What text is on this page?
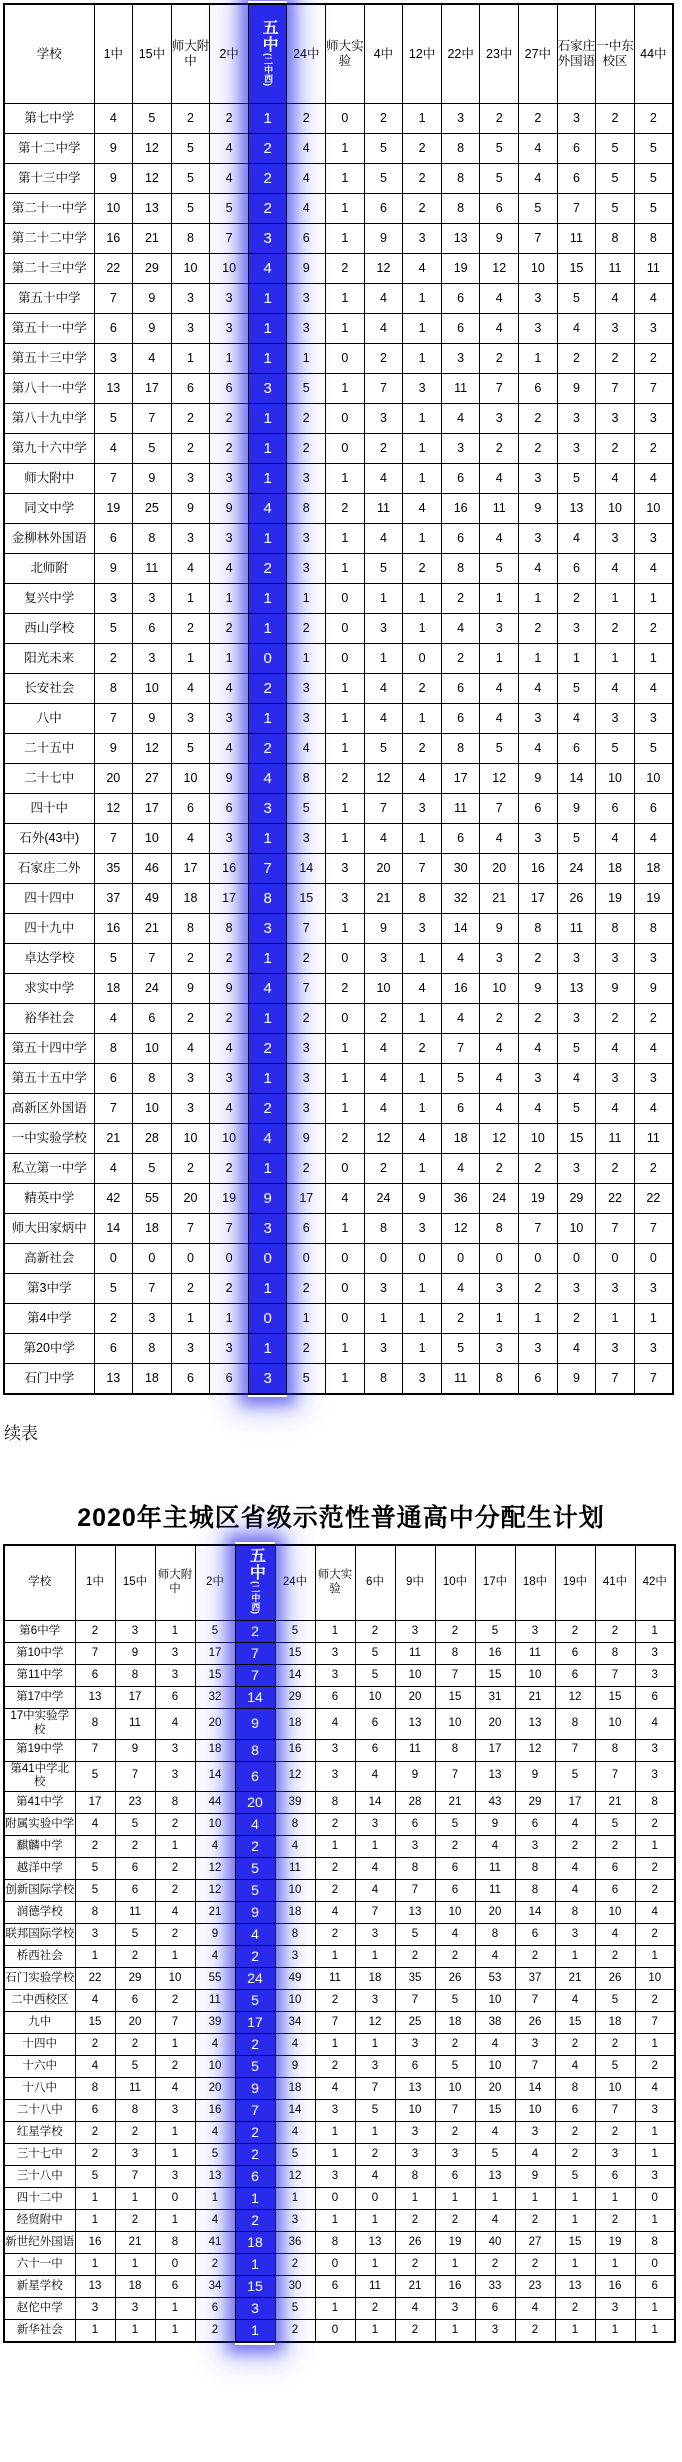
学校	1中	15中	师大附中	2中	五中(二中西)	24中	师大实验	4中	12中	22中	23中	27中	石家庄外国语	一中东校区	44中
第七中学	4	5	2	2	1	2	0	2	1	3	2	2	3	2	2
第十二中学	9	12	5	4	2	4	1	5	2	8	5	4	6	5	5
第十三中学	9	12	5	4	2	4	1	5	2	8	5	4	6	5	5
第二十一中学	10	13	5	5	2	4	1	6	2	8	6	5	7	5	5
第二十二中学	16	21	8	7	3	6	1	9	3	13	9	7	11	8	8
第二十三中学	22	29	10	10	4	9	2	12	4	19	12	10	15	11	11
第五十中学	7	9	3	3	1	3	1	4	1	6	4	3	5	4	4
第五十一中学	6	9	3	3	1	3	1	4	1	6	4	3	4	3	3
第五十三中学	3	4	1	1	1	1	0	2	1	3	2	1	2	2	2
第八十一中学	13	17	6	6	3	5	1	7	3	11	7	6	9	7	7
第八十九中学	5	7	2	2	1	2	0	3	1	4	3	2	3	3	3
第九十六中学	4	5	2	2	1	2	0	2	1	3	2	2	3	2	2
师大附中	7	9	3	3	1	3	1	4	1	6	4	3	5	4	4
同文中学	19	25	9	9	4	8	2	11	4	16	11	9	13	10	10
金柳林外国语	6	8	3	3	1	3	1	4	1	6	4	3	4	3	3
北师附	9	11	4	4	2	3	1	5	2	8	5	4	6	4	4
复兴中学	3	3	1	1	1	1	0	1	1	2	1	1	2	1	1
西山学校	5	6	2	2	1	2	0	3	1	4	3	2	3	2	2
阳光未来	2	3	1	1	0	1	0	1	0	2	1	1	1	1	1
长安社会	8	10	4	4	2	3	1	4	2	6	4	4	5	4	4
八中	7	9	3	3	1	3	1	4	1	6	4	3	4	3	3
二十五中	9	12	5	4	2	4	1	5	2	8	5	4	6	5	5
二十七中	20	27	10	9	4	8	2	12	4	17	12	9	14	10	10
四十中	12	17	6	6	3	5	1	7	3	11	7	6	9	6	6
石外(43中)	7	10	4	3	1	3	1	4	1	6	4	3	5	4	4
石家庄二外	35	46	17	16	7	14	3	20	7	30	20	16	24	18	18
四十四中	37	49	18	17	8	15	3	21	8	32	21	17	26	19	19
四十九中	16	21	8	8	3	7	1	9	3	14	9	8	11	8	8
卓达学校	5	7	2	2	1	2	0	3	1	4	3	2	3	3	3
求实中学	18	24	9	9	4	7	2	10	4	16	10	9	13	9	9
裕华社会	4	6	2	2	1	2	0	2	1	4	2	2	3	2	2
第五十四中学	8	10	4	4	2	3	1	4	2	7	4	4	5	4	4
第五十五中学	6	8	3	3	1	3	1	4	1	5	4	3	4	3	3
高新区外国语	7	10	3	4	2	3	1	4	1	6	4	4	5	4	4
一中实验学校	21	28	10	10	4	9	2	12	4	18	12	10	15	11	11
私立第一中学	4	5	2	2	1	2	0	2	1	4	2	2	3	2	2
精英中学	42	55	20	19	9	17	4	24	9	36	24	19	29	22	22
师大田家炳中	14	18	7	7	3	6	1	8	3	12	8	7	10	7	7
高新社会	0	0	0	0	0	0	0	0	0	0	0	0	0	0	0
第3中学	5	7	2	2	1	2	0	3	1	4	3	2	3	3	3
第4中学	2	3	1	1	0	1	0	1	1	2	1	1	2	1	1
第20中学	6	8	3	3	1	2	1	3	1	5	3	3	4	3	3
石门中学	13	18	6	6	3	5	1	8	3	11	8	6	9	7	7
续表
2020年主城区省级示范性普通高中分配生计划
学校	1中	15中	师大附中	2中	五中(二中西)	24中	师大实验	6中	9中	10中	17中	18中	19中	41中	42中
第6中学	2	3	1	5	2	5	1	2	3	2	5	3	2	2	1
第10中学	7	9	3	17	7	15	3	5	11	8	16	11	6	8	3
第11中学	6	8	3	15	7	14	3	5	10	7	15	10	6	7	3
第17中学	13	17	6	32	14	29	6	10	20	15	31	21	12	15	6
17中实验学校	8	11	4	20	9	18	4	6	13	10	20	13	8	10	4
第19中学	7	9	3	18	8	16	3	6	11	8	17	12	7	8	3
第41中学北校	5	7	3	14	6	12	3	4	9	7	13	9	5	7	3
第41中学	17	23	8	44	20	39	8	14	28	21	43	29	17	21	8
附属实验中学	4	5	2	10	4	8	2	3	6	5	9	6	4	5	2
麒麟中学	2	2	1	4	2	4	1	1	3	2	4	3	2	2	1
越洋中学	5	6	2	12	5	11	2	4	8	6	11	8	4	6	2
创新国际学校	5	6	2	12	5	10	2	4	7	6	11	8	4	6	2
润德学校	8	11	4	21	9	18	4	7	13	10	20	14	8	10	4
联邦国际学校	3	5	2	9	4	8	2	3	5	4	8	6	3	4	2
桥西社会	1	2	1	4	2	3	1	1	2	2	4	2	1	2	1
石门实验学校	22	29	10	55	24	49	11	18	35	26	53	37	21	26	10
二中西校区	4	6	2	11	5	10	2	3	7	5	10	7	4	5	2
九中	15	20	7	39	17	34	7	12	25	18	38	26	15	18	7
十四中	2	2	1	4	2	4	1	1	3	2	4	3	2	2	1
十六中	4	5	2	10	5	9	2	3	6	5	10	7	4	5	2
十八中	8	11	4	20	9	18	4	7	13	10	20	14	8	10	4
二十八中	6	8	3	16	7	14	3	5	10	7	15	10	6	7	3
红星学校	2	2	1	4	2	4	1	1	3	2	4	3	2	2	1
三十七中	2	3	1	5	2	5	1	2	3	3	5	4	2	3	1
三十八中	5	7	3	13	6	12	3	4	8	6	13	9	5	6	3
四十二中	1	1	0	1	1	1	0	0	1	1	1	1	1	1	0
经贸附中	1	2	1	4	2	3	1	1	2	2	4	2	1	2	1
新世纪外国语	16	21	8	41	18	36	8	13	26	19	40	27	15	19	8
六十一中	1	1	0	2	1	2	0	1	2	1	2	2	1	1	0
新星学校	13	18	6	34	15	30	6	11	21	16	33	23	13	16	6
赵佗中学	3	3	1	6	3	5	1	2	4	3	6	4	2	3	1
新华社会	1	1	1	2	1	2	0	1	2	1	3	2	1	1	1
